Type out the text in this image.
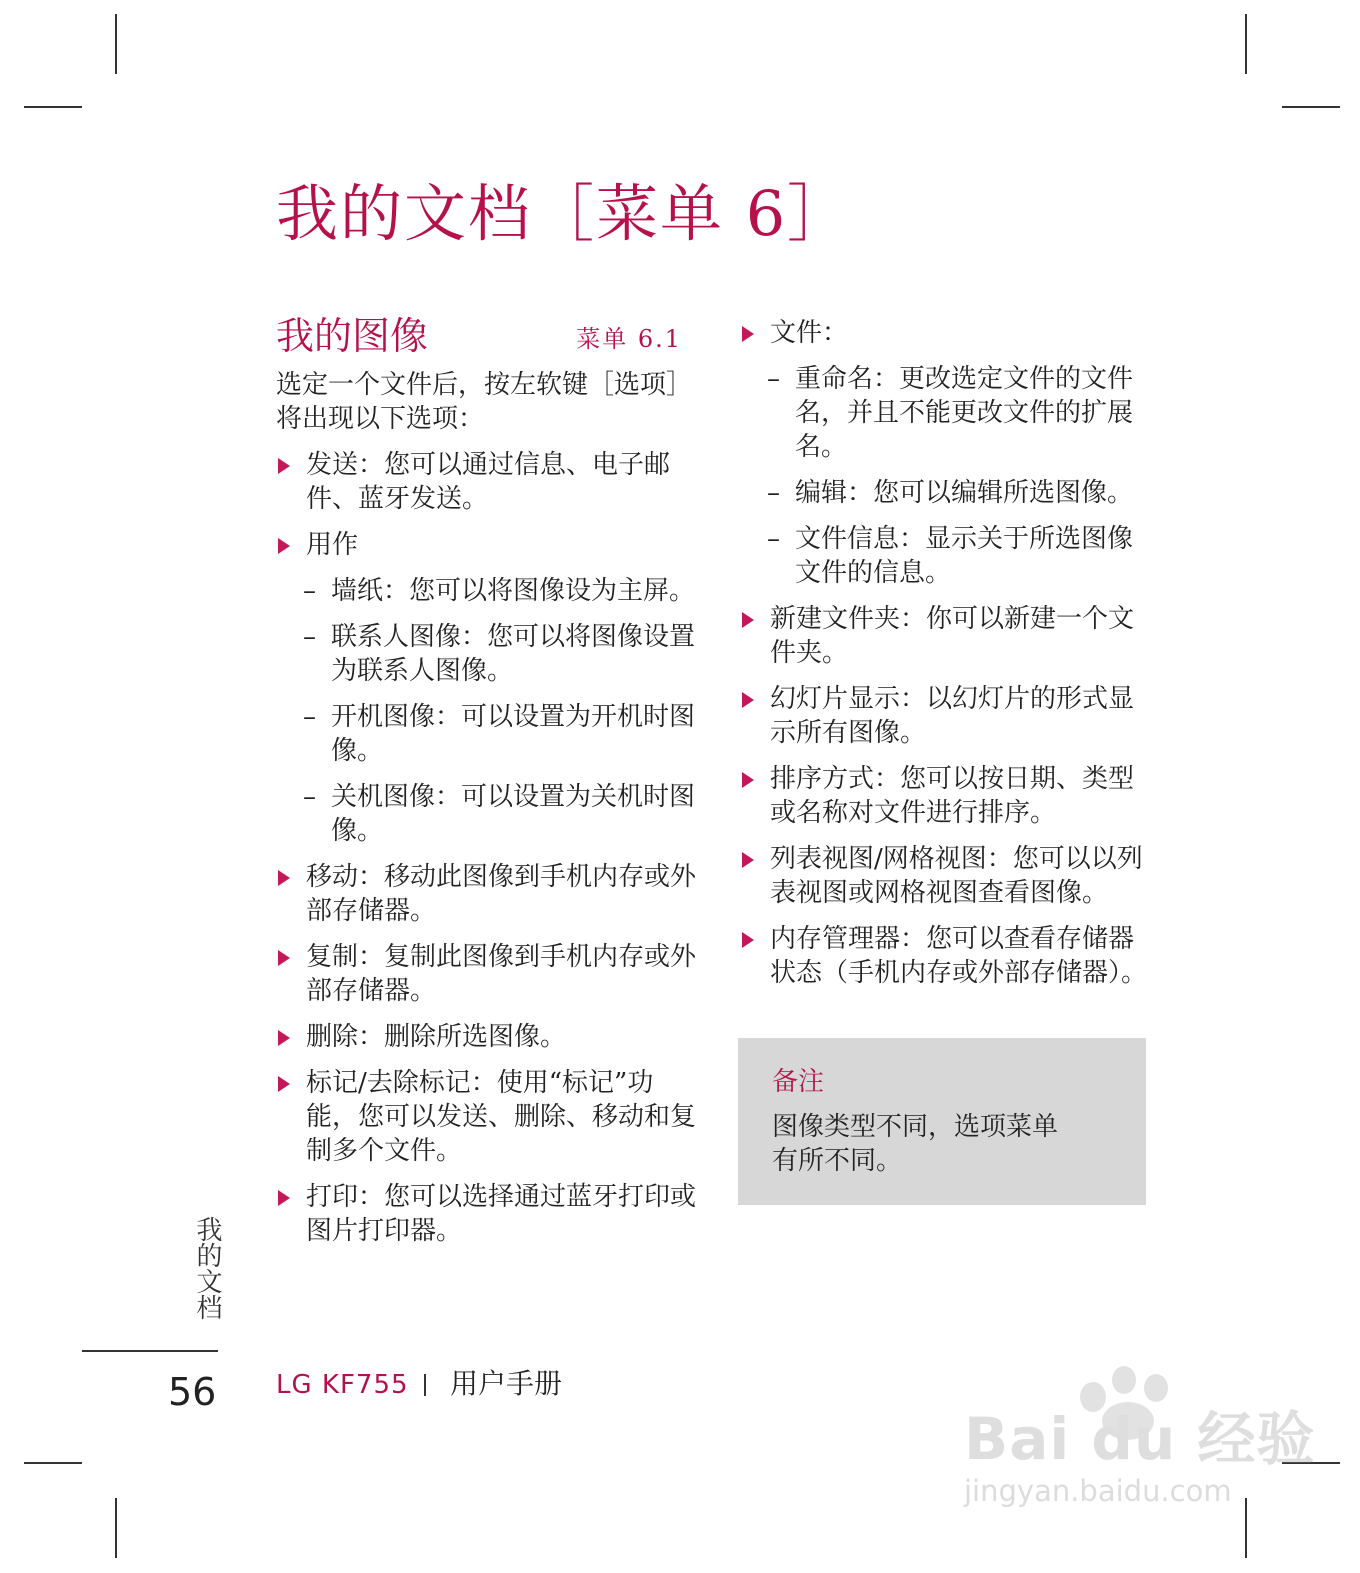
我的文档［菜单 6］
我的图像	菜单 6.1

选定一个文件后，按左软键［选项］将出现以下选项：

发送：您可以通过信息、电子邮件、蓝牙发送。
用作
– 墙纸：您可以将图像设为主屏。
– 联系人图像：您可以将图像设置为联系人图像。
– 开机图像：可以设置为开机时图像。
– 关机图像：可以设置为关机时图像。
移动：移动此图像到手机内存或外部存储器。
复制：复制此图像到手机内存或外部存储器。
删除：删除所选图像。
标记/去除标记：使用“标记”功能，您可以发送、删除、移动和复制多个文件。
打印：您可以选择通过蓝牙打印或图片打印器。
文件：
– 重命名：更改选定文件的文件名，并且不能更改文件的扩展名。
– 编辑：您可以编辑所选图像。
– 文件信息：显示关于所选图像文件的信息。
新建文件夹：你可以新建一个文件夹。
幻灯片显示：以幻灯片的形式显示所有图像。
排序方式：您可以按日期、类型或名称对文件进行排序。
列表视图/网格视图：您可以以列表视图或网格视图查看图像。
内存管理器：您可以查看存储器状态（手机内存或外部存储器）。
备注
图像类型不同，选项菜单有所不同。
我的文档
56 LG KF755 用户手册
Bai du 经验
jingyan.baidu.com
